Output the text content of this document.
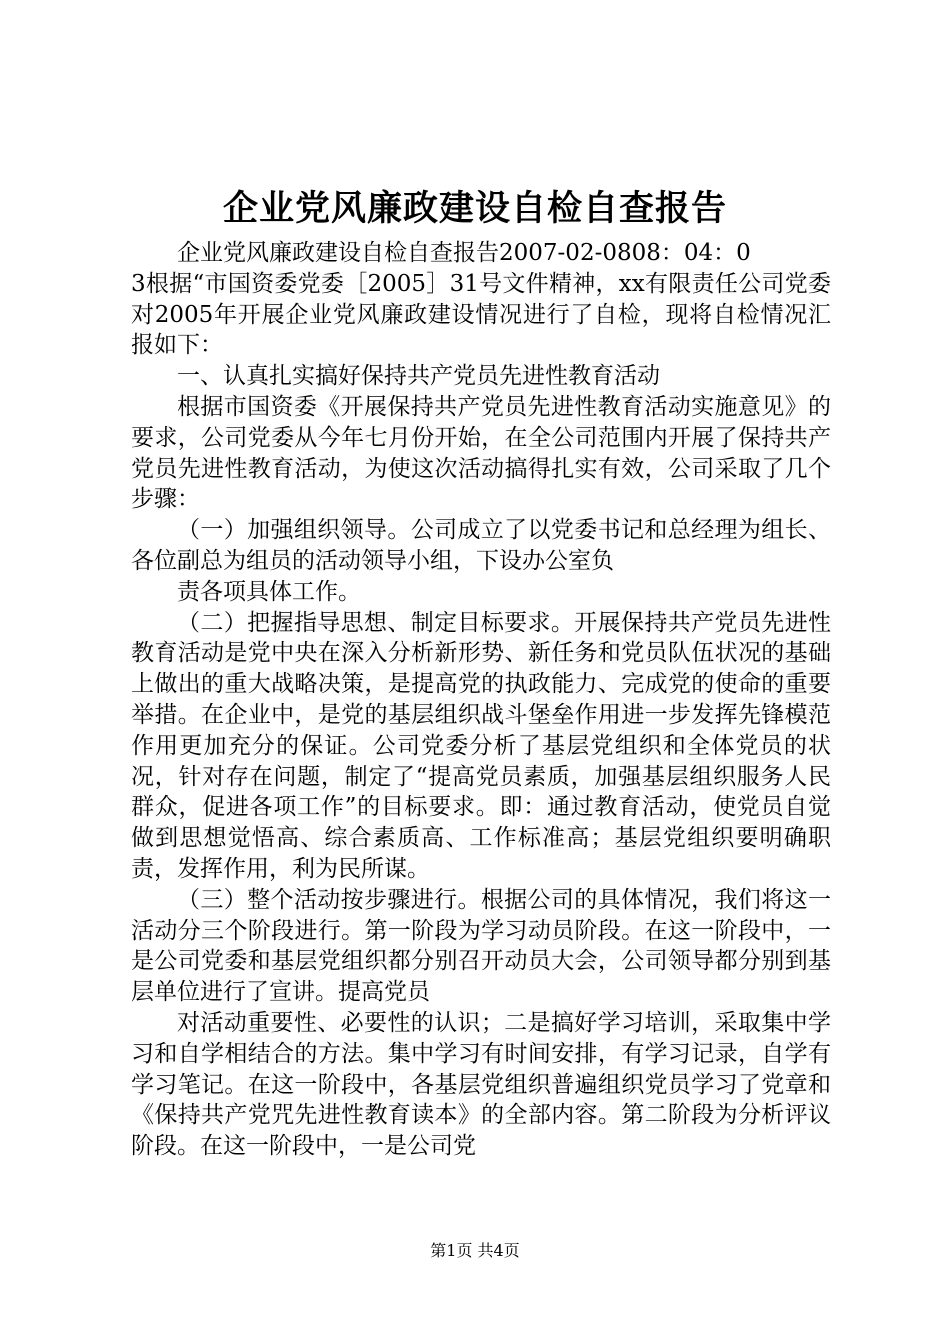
企业党风廉政建设自检自查报告

企业党风廉政建设自检自查报告2007-02-0808：04：0

3根据“市国资委党委［2005］31号文件精神，xx有限责任公司党委对2005年开展企业党风廉政建设情况进行了自检，现将自检情况汇报如下：

一、认真扎实搞好保持共产党员先进性教育活动

根据市国资委《开展保持共产党员先进性教育活动实施意见》的要求，公司党委从今年七月份开始，在全公司范围内开展了保持共产党员先进性教育活动，为使这次活动搞得扎实有效，公司采取了几个步骤：

（一）加强组织领导。公司成立了以党委书记和总经理为组长、各位副总为组员的活动领导小组，下设办公室负

责各项具体工作。

（二）把握指导思想、制定目标要求。开展保持共产党员先进性教育活动是党中央在深入分析新形势、新任务和党员队伍状况的基础上做出的重大战略决策，是提高党的执政能力、完成党的使命的重要举措。在企业中，是党的基层组织战斗堡垒作用进一步发挥先锋模范作用更加充分的保证。公司党委分析了基层党组织和全体党员的状况，针对存在问题，制定了“提高党员素质，加强基层组织服务人民群众，促进各项工作”的目标要求。即：通过教育活动，使党员自觉做到思想觉悟高、综合素质高、工作标准高；基层党组织要明确职责，发挥作用，利为民所谋。

（三）整个活动按步骤进行。根据公司的具体情况，我们将这一活动分三个阶段进行。第一阶段为学习动员阶段。在这一阶段中，一是公司党委和基层党组织都分别召开动员大会，公司领导都分别到基层单位进行了宣讲。提高党员

对活动重要性、必要性的认识；二是搞好学习培训，采取集中学习和自学相结合的方法。集中学习有时间安排，有学习记录，自学有学习笔记。在这一阶段中，各基层党组织普遍组织党员学习了党章和《保持共产党咒先进性教育读本》的全部内容。第二阶段为分析评议阶段。在这一阶段中，一是公司党

第1页 共4页
